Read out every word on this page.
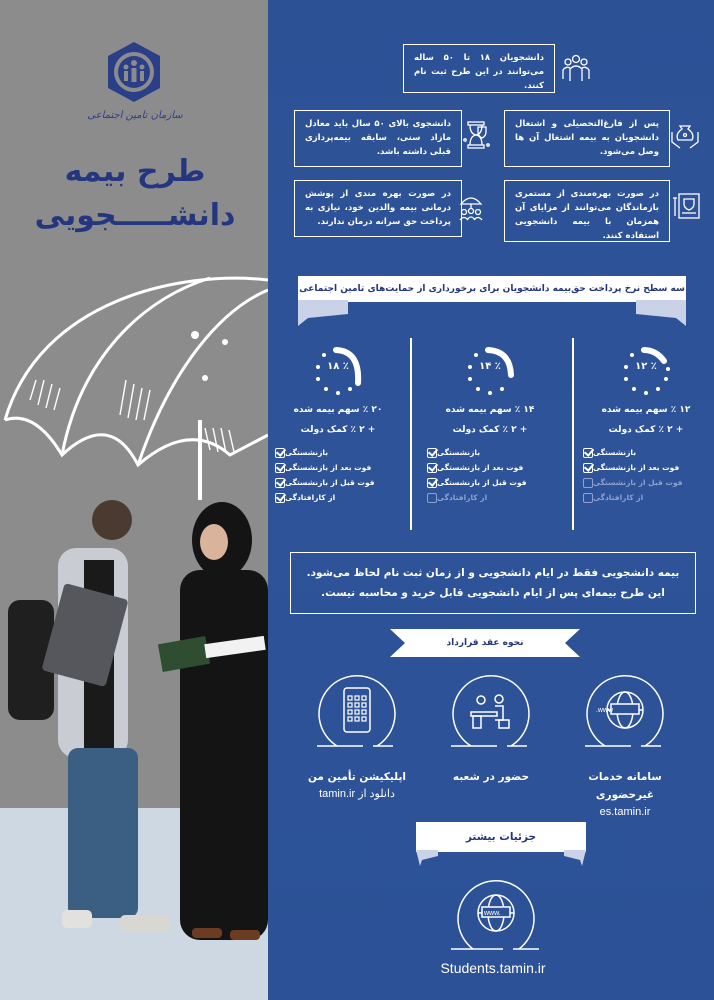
سازمان تامین اجتماعی
طرح بیمه
دانشـــــجویی
دانشجویان ۱۸ تا ۵۰ ساله می‌توانند در این طرح ثبت نام کنند.
پس از فارغ‌التحصیلی و اشتغال دانشجویان به بیمه اشتغال آن ها وصل می‌شود.
دانشجوی بالای ۵۰ سال باید معادل مازاد سنی، سابقه بیمه‌پردازی قبلی داشته باشد.
در صورت بهره‌مندی از مستمری بازماندگان می‌توانند از مزایای آن همزمان با بیمه دانشجویی استفاده کنند.
در صورت بهره مندی از پوشش درمانی بیمه والدین خود، نیازی به پرداخت حق سرانه درمان ندارند.
سه سطح نرخ پرداخت حق‌بیمه دانشجویان برای برخورداری از حمایت‌های تامین اجتماعی
٪ ۱۲
۱۲ ٪ سهم بیمه شده
+ ۲ ٪ کمک دولت
بازنشستگی
فوت بعد از بازنشستگی
فوت قبل از بازنشستگی
از کارافتادگی
٪ ۱۴
۱۴ ٪ سهم بیمه شده
+ ۲ ٪ کمک دولت
بازنشستگی
فوت بعد از بازنشستگی
فوت قبل از بازنشستگی
از کارافتادگی
٪ ۱۸
۲۰ ٪ سهم بیمه شده
+ ۲ ٪ کمک دولت
بازنشستگی
فوت بعد از بازنشستگی
فوت قبل از بازنشستگی
از کارافتادگی
بیمه دانشجویی فقط در ایام دانشجویی و از زمان ثبت نام لحاظ می‌شود.
این طرح بیمه‌ای پس از ایام دانشجویی قابل خرید و محاسبه نیست.
نحوه عقد قرارداد
www.
سامانه خدمات غیرحضوری
es.tamin.ir
حضور در شعبه
اپلیکیشن تأمین من
دانلود از tamin.ir
جزئیات بیشتر
www.
Students.tamin.ir
